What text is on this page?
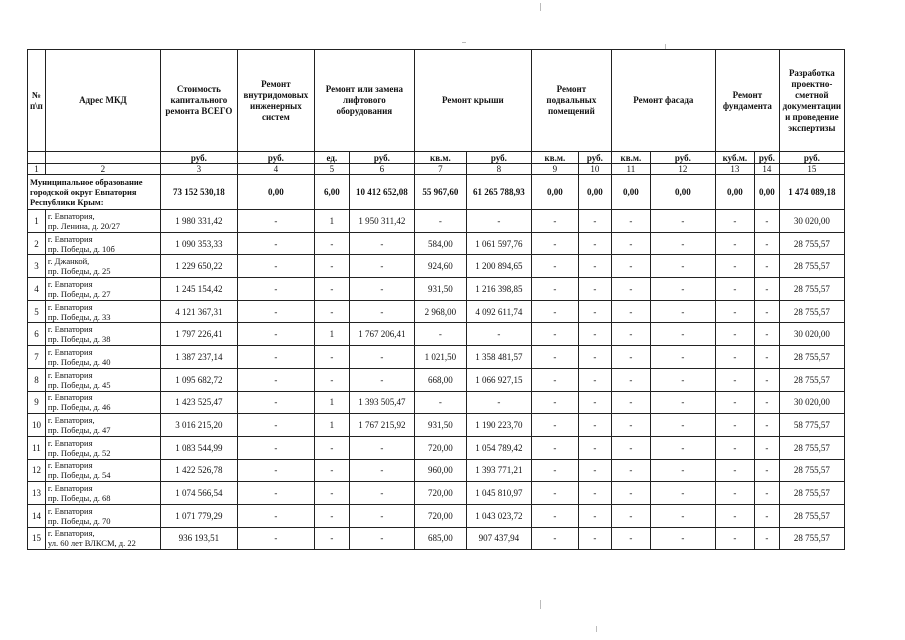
№
п\п	Адрес МКД	Стоимость капитального ремонта ВСЕГО	Ремонт внутридомовых инженерных систем	Ремонт или замена лифтового оборудования		Ремонт крыши		Ремонт подвальных помещений		Ремонт фасада		Ремонт фундамента		Разработка проектно-сметной документации и проведение экспертизы
		руб.	руб.	ед.	руб.	кв.м.	руб.	кв.м.	руб.	кв.м.	руб.	куб.м.	руб.	руб.
1	2	3	4	5	6	7	8	9	10	11	12	13	14	15
Муниципальное образование городской округ Евпатория Республики Крым:		73 152 530,18	0,00	6,00	10 412 652,08	55 967,60	61 265 788,93	0,00	0,00	0,00	0,00	0,00	0,00	1 474 089,18
1	г. Евпатория,
пр. Ленина, д. 20/27	1 980 331,42	-	1	1 950 311,42	-	-	-	-	-	-	-	-	30 020,00
2	г. Евпатория
пр. Победы, д. 10б	1 090 353,33	-	-	-	584,00	1 061 597,76	-	-	-	-	-	-	28 755,57
3	г. Джанкой,
пр. Победы, д. 25	1 229 650,22	-	-	-	924,60	1 200 894,65	-	-	-	-	-	-	28 755,57
4	г. Евпатория
пр. Победы, д. 27	1 245 154,42	-	-	-	931,50	1 216 398,85	-	-	-	-	-	-	28 755,57
5	г. Евпатория
пр. Победы, д. 33	4 121 367,31	-	-	-	2 968,00	4 092 611,74	-	-	-	-	-	-	28 755,57
6	г. Евпатория
пр. Победы, д. 38	1 797 226,41	-	1	1 767 206,41	-	-	-	-	-	-	-	-	30 020,00
7	г. Евпатория
пр. Победы, д. 40	1 387 237,14	-	-	-	1 021,50	1 358 481,57	-	-	-	-	-	-	28 755,57
8	г. Евпатория
пр. Победы, д. 45	1 095 682,72	-	-	-	668,00	1 066 927,15	-	-	-	-	-	-	28 755,57
9	г. Евпатория
пр. Победы, д. 46	1 423 525,47	-	1	1 393 505,47	-	-	-	-	-	-	-	-	30 020,00
10	г. Евпатория,
пр. Победы, д. 47	3 016 215,20	-	1	1 767 215,92	931,50	1 190 223,70	-	-	-	-	-	-	58 775,57
11	г. Евпатория
пр. Победы, д. 52	1 083 544,99	-	-	-	720,00	1 054 789,42	-	-	-	-	-	-	28 755,57
12	г. Евпатория
пр. Победы, д. 54	1 422 526,78	-	-	-	960,00	1 393 771,21	-	-	-	-	-	-	28 755,57
13	г. Евпатория
пр. Победы, д. 68	1 074 566,54	-	-	-	720,00	1 045 810,97	-	-	-	-	-	-	28 755,57
14	г. Евпатория
пр. Победы, д. 70	1 071 779,29	-	-	-	720,00	1 043 023,72	-	-	-	-	-	-	28 755,57
15	г. Евпатория,
ул. 60 лет ВЛКСМ, д. 22	936 193,51	-	-	-	685,00	907 437,94	-	-	-	-	-	-	28 755,57
